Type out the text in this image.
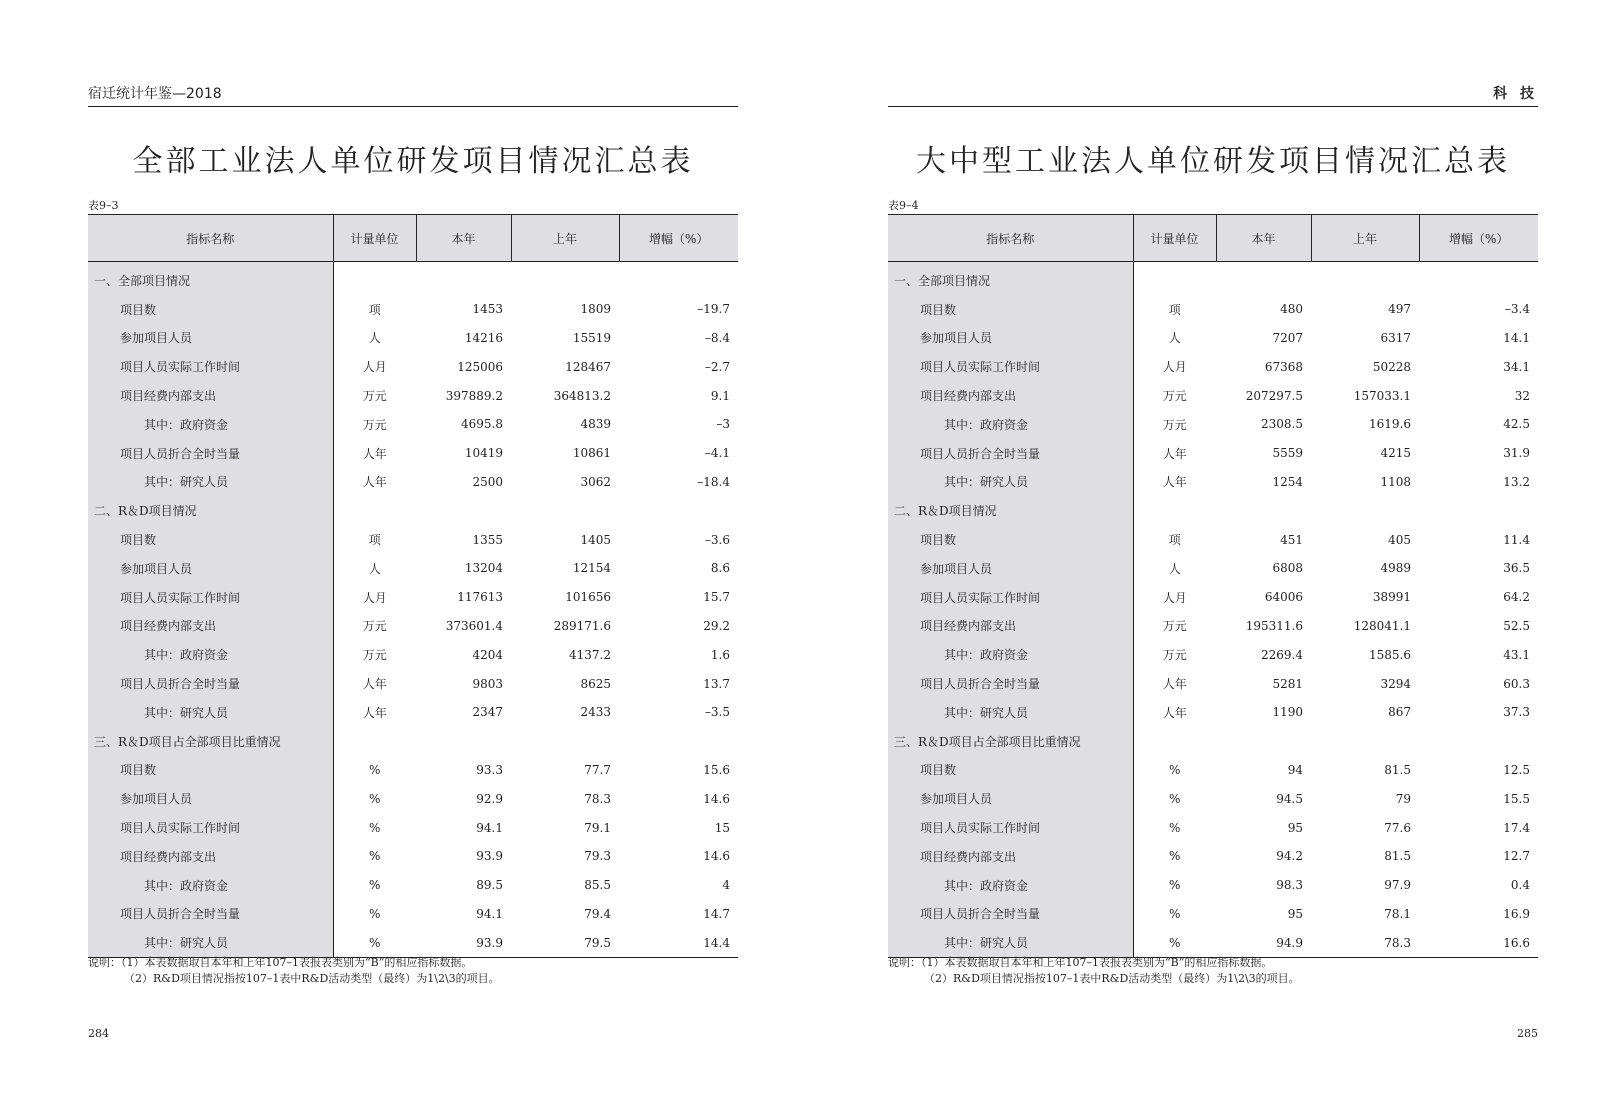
宿迁统计年鉴—2018
全部工业法人单位研发项目情况汇总表
表9–3
指标名称	计量单位	本年	上年	增幅（%）
一、全部项目情况				
项目数	项	1453	1809	–19.7
参加项目人员	人	14216	15519	–8.4
项目人员实际工作时间	人月	125006	128467	–2.7
项目经费内部支出	万元	397889.2	364813.2	9.1
其中：政府资金	万元	4695.8	4839	–3
项目人员折合全时当量	人年	10419	10861	–4.1
其中：研究人员	人年	2500	3062	–18.4
二、R＆D项目情况				
项目数	项	1355	1405	–3.6
参加项目人员	人	13204	12154	8.6
项目人员实际工作时间	人月	117613	101656	15.7
项目经费内部支出	万元	373601.4	289171.6	29.2
其中：政府资金	万元	4204	4137.2	1.6
项目人员折合全时当量	人年	9803	8625	13.7
其中：研究人员	人年	2347	2433	–3.5
三、R＆D项目占全部项目比重情况				
项目数	%	93.3	77.7	15.6
参加项目人员	%	92.9	78.3	14.6
项目人员实际工作时间	%	94.1	79.1	15
项目经费内部支出	%	93.9	79.3	14.6
其中：政府资金	%	89.5	85.5	4
项目人员折合全时当量	%	94.1	79.4	14.7
其中：研究人员	%	93.9	79.5	14.4
说明：（1）本表数据取自本年和上年107–1表报表类别为“B”的相应指标数据。
（2）R&D项目情况指按107–1表中R&D活动类型（最终）为1\2\3的项目。
284
科 技
大中型工业法人单位研发项目情况汇总表
表9–4
指标名称	计量单位	本年	上年	增幅（%）
一、全部项目情况				
项目数	项	480	497	–3.4
参加项目人员	人	7207	6317	14.1
项目人员实际工作时间	人月	67368	50228	34.1
项目经费内部支出	万元	207297.5	157033.1	32
其中：政府资金	万元	2308.5	1619.6	42.5
项目人员折合全时当量	人年	5559	4215	31.9
其中：研究人员	人年	1254	1108	13.2
二、R＆D项目情况				
项目数	项	451	405	11.4
参加项目人员	人	6808	4989	36.5
项目人员实际工作时间	人月	64006	38991	64.2
项目经费内部支出	万元	195311.6	128041.1	52.5
其中：政府资金	万元	2269.4	1585.6	43.1
项目人员折合全时当量	人年	5281	3294	60.3
其中：研究人员	人年	1190	867	37.3
三、R＆D项目占全部项目比重情况				
项目数	%	94	81.5	12.5
参加项目人员	%	94.5	79	15.5
项目人员实际工作时间	%	95	77.6	17.4
项目经费内部支出	%	94.2	81.5	12.7
其中：政府资金	%	98.3	97.9	0.4
项目人员折合全时当量	%	95	78.1	16.9
其中：研究人员	%	94.9	78.3	16.6
说明：（1）本表数据取自本年和上年107–1表报表类别为“B”的相应指标数据。
（2）R&D项目情况指按107–1表中R&D活动类型（最终）为1\2\3的项目。
285
